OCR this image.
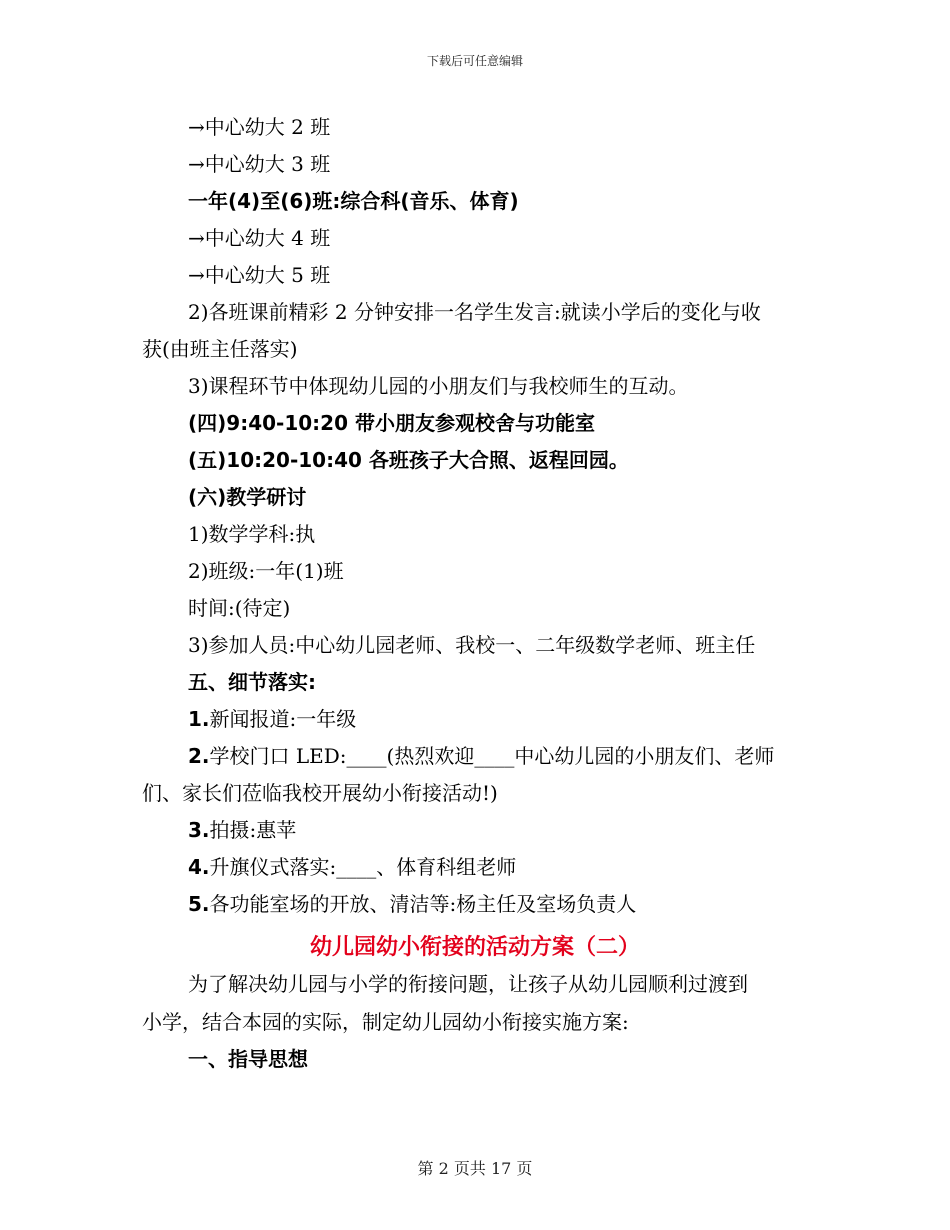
下载后可任意编辑
→中心幼大 2 班
→中心幼大 3 班
一年(4)至(6)班:综合科(音乐、体育)
→中心幼大 4 班
→中心幼大 5 班
2)各班课前精彩 2 分钟安排一名学生发言:就读小学后的变化与收
获(由班主任落实)
3)课程环节中体现幼儿园的小朋友们与我校师生的互动。
(四)9:40-10:20 带小朋友参观校舍与功能室
(五)10:20-10:40 各班孩子大合照、返程回园。
(六)教学研讨
1)数学学科:执
2)班级:一年(1)班
时间:(待定)
3)参加人员:中心幼儿园老师、我校一、二年级数学老师、班主任
五、细节落实:
1.新闻报道:一年级
2.学校门口 LED:____(热烈欢迎____中心幼儿园的小朋友们、老师
们、家长们莅临我校开展幼小衔接活动!)
3.拍摄:惠苹
4.升旗仪式落实:____、体育科组老师
5.各功能室场的开放、清洁等:杨主任及室场负责人
幼儿园幼小衔接的活动方案（二）
为了解决幼儿园与小学的衔接问题，让孩子从幼儿园顺利过渡到
小学，结合本园的实际，制定幼儿园幼小衔接实施方案:
一、指导思想
第 2 页共 17 页
